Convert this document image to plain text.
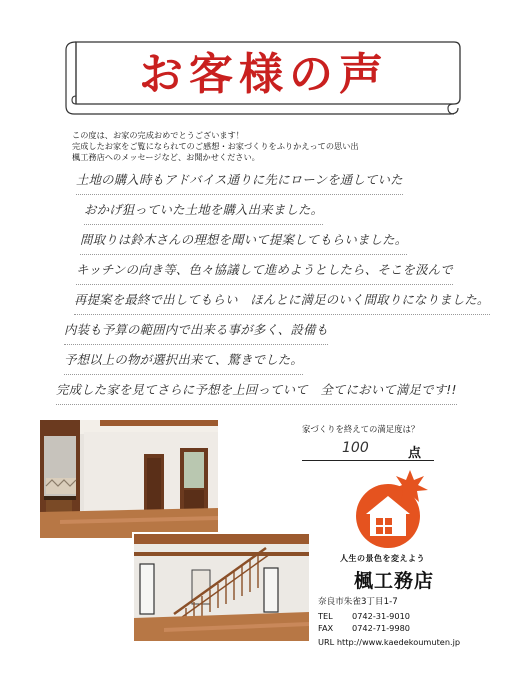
お客様の声
この度は、お家の完成おめでとうございます！
完成したお家をご覧になられてのご感想・お家づくりをふりかえっての思い出
楓工務店へのメッセージなど、お聞かせください。
土地の購入時もアドバイス通りに先にローンを通していた
おかげ狙っていた土地を購入出来ました。
間取りは鈴木さんの理想を聞いて提案してもらいました。
キッチンの向き等、色々協議して進めようとしたら、そこを汲んで
再提案を最終で出してもらい　ほんとに満足のいく間取りになりました。
内装も予算の範囲内で出来る事が多く、設備も
予想以上の物が選択出来て、驚きでした。
完成した家を見てさらに予想を上回っていて　全てにおいて満足です!!
家づくりを終えての満足度は？
100	点
人生の景色を変えよう
楓工務店
奈良市朱雀3丁目1-7
TEL 0742-31-9010
FAX 0742-71-9980
URL http://www.kaedekoumuten.jp
